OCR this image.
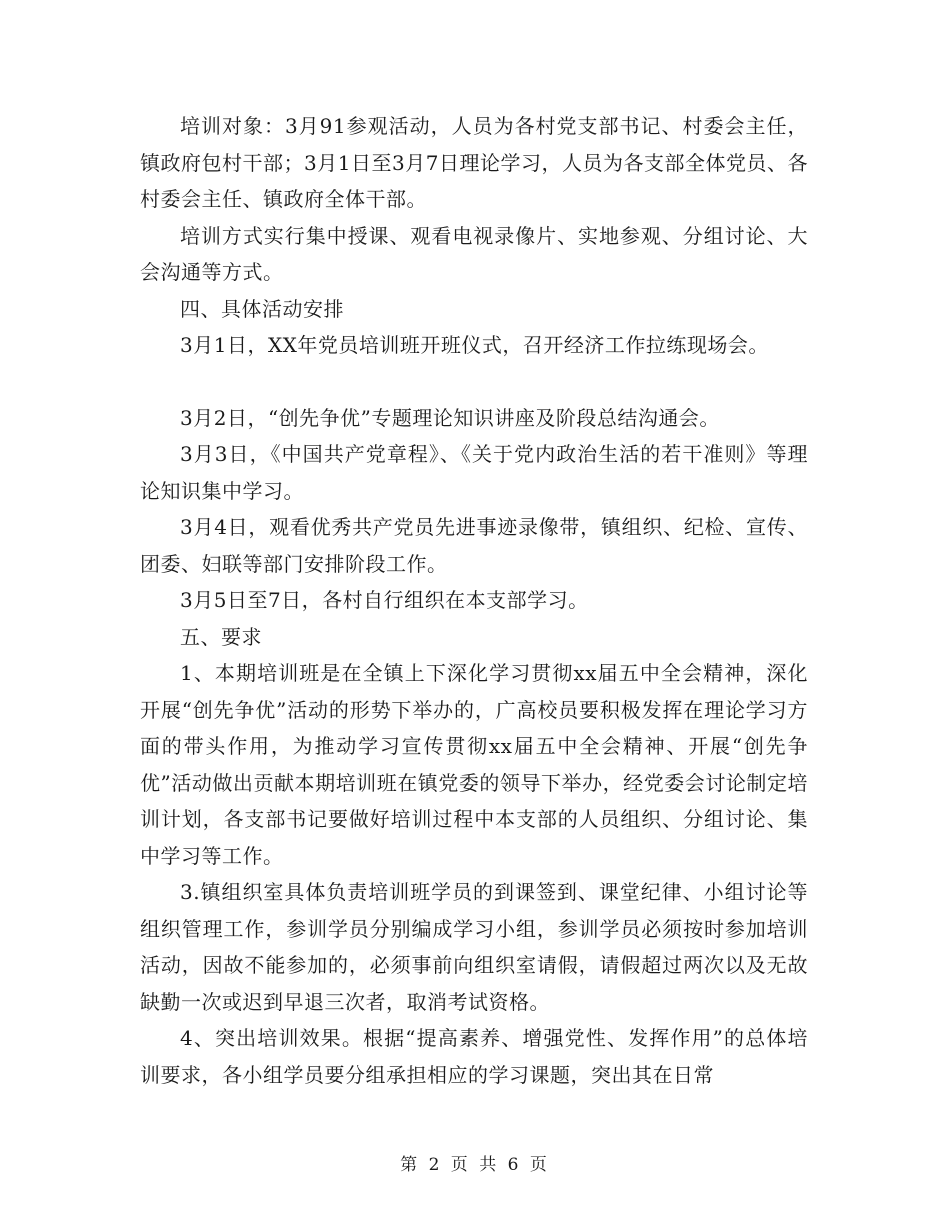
培训对象：3月91参观活动，人员为各村党支部书记、村委会主任，镇政府包村干部；3月1日至3月7日理论学习，人员为各支部全体党员、各村委会主任、镇政府全体干部。

培训方式实行集中授课、观看电视录像片、实地参观、分组讨论、大会沟通等方式。

四、具体活动安排

3月1日，XX年党员培训班开班仪式，召开经济工作拉练现场会。

3月2日，“创先争优”专题理论知识讲座及阶段总结沟通会。

3月3日，《中国共产党章程》、《关于党内政治生活的若干准则》等理论知识集中学习。

3月4日，观看优秀共产党员先进事迹录像带，镇组织、纪检、宣传、团委、妇联等部门安排阶段工作。

3月5日至7日，各村自行组织在本支部学习。

五、要求

1、本期培训班是在全镇上下深化学习贯彻xx届五中全会精神，深化开展“创先争优”活动的形势下举办的，广高校员要积极发挥在理论学习方面的带头作用，为推动学习宣传贯彻xx届五中全会精神、开展“创先争优”活动做出贡献本期培训班在镇党委的领导下举办，经党委会讨论制定培训计划，各支部书记要做好培训过程中本支部的人员组织、分组讨论、集中学习等工作。

3.镇组织室具体负责培训班学员的到课签到、课堂纪律、小组讨论等组织管理工作，参训学员分别编成学习小组，参训学员必须按时参加培训活动，因故不能参加的，必须事前向组织室请假，请假超过两次以及无故缺勤一次或迟到早退三次者，取消考试资格。

4、突出培训效果。根据“提高素养、增强党性、发挥作用”的总体培训要求，各小组学员要分组承担相应的学习课题，突出其在日常

第 2 页 共 6 页
